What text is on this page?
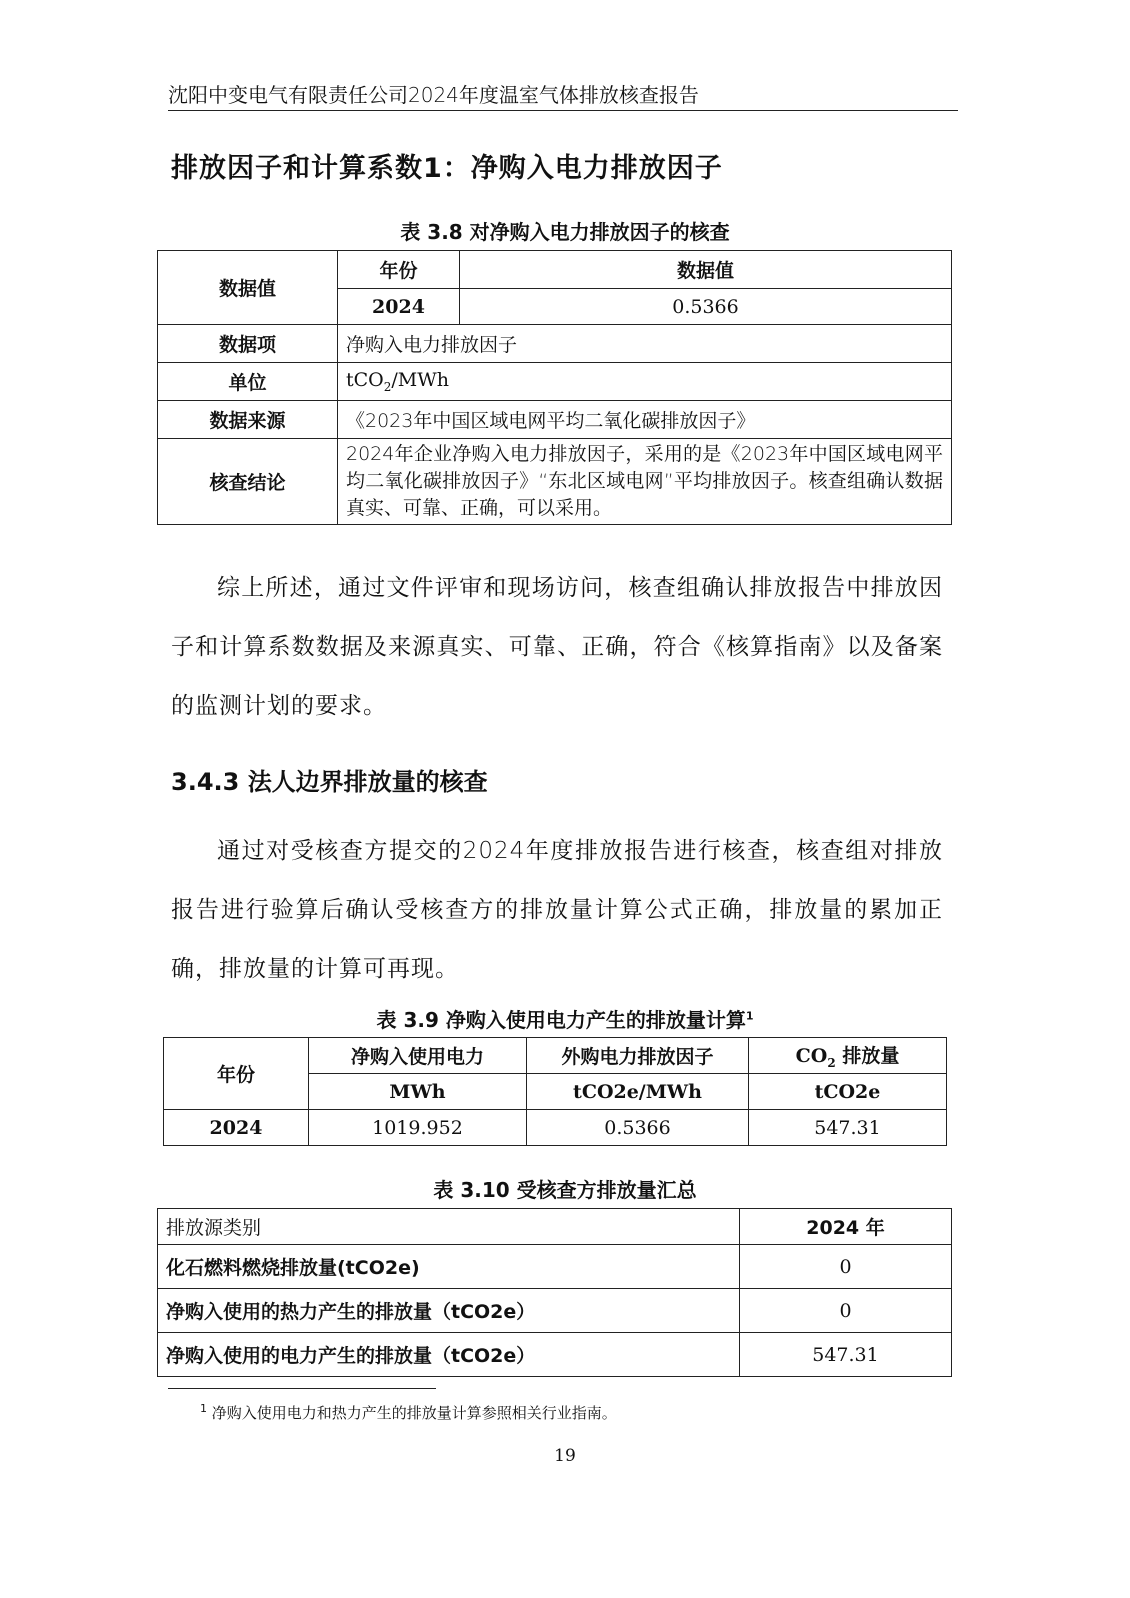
沈阳中变电气有限责任公司2024年度温室气体排放核查报告
排放因子和计算系数1：净购入电力排放因子
表 3.8 对净购入电力排放因子的核查
数据值	年份	数据值
	2024	0.5366
数据项	净购入电力排放因子	
单位	tCO$_2$/MWh	
数据来源	《2023年中国区域电网平均二氧化碳排放因子》	
核查结论	2024年企业净购入电力排放因子，采用的是《2023年中国区域电网平均二氧化碳排放因子》“东北区域电网”平均排放因子。核查组确认数据真实、可靠、正确，可以采用。	
综上所述，通过文件评审和现场访问，核查组确认排放报告中排放因子和计算系数数据及来源真实、可靠、正确，符合《核算指南》以及备案的监测计划的要求。
3.4.3 法人边界排放量的核查
通过对受核查方提交的2024年度排放报告进行核查，核查组对排放报告进行验算后确认受核查方的排放量计算公式正确，排放量的累加正确，排放量的计算可再现。
表 3.9 净购入使用电力产生的排放量计算$^1$
年份	净购入使用电力	外购电力排放因子	$CO_2$ 排放量
	MWh	tCO2e/MWh	tCO2e
2024	1019.952	0.5366	547.31
表 3.10 受核查方排放量汇总
排放源类别	2024 年
化石燃料燃烧排放量(tCO2e)	0
净购入使用的热力产生的排放量（tCO2e）	0
净购入使用的电力产生的排放量（tCO2e）	547.31
$^1$ 净购入使用电力和热力产生的排放量计算参照相关行业指南。
19
